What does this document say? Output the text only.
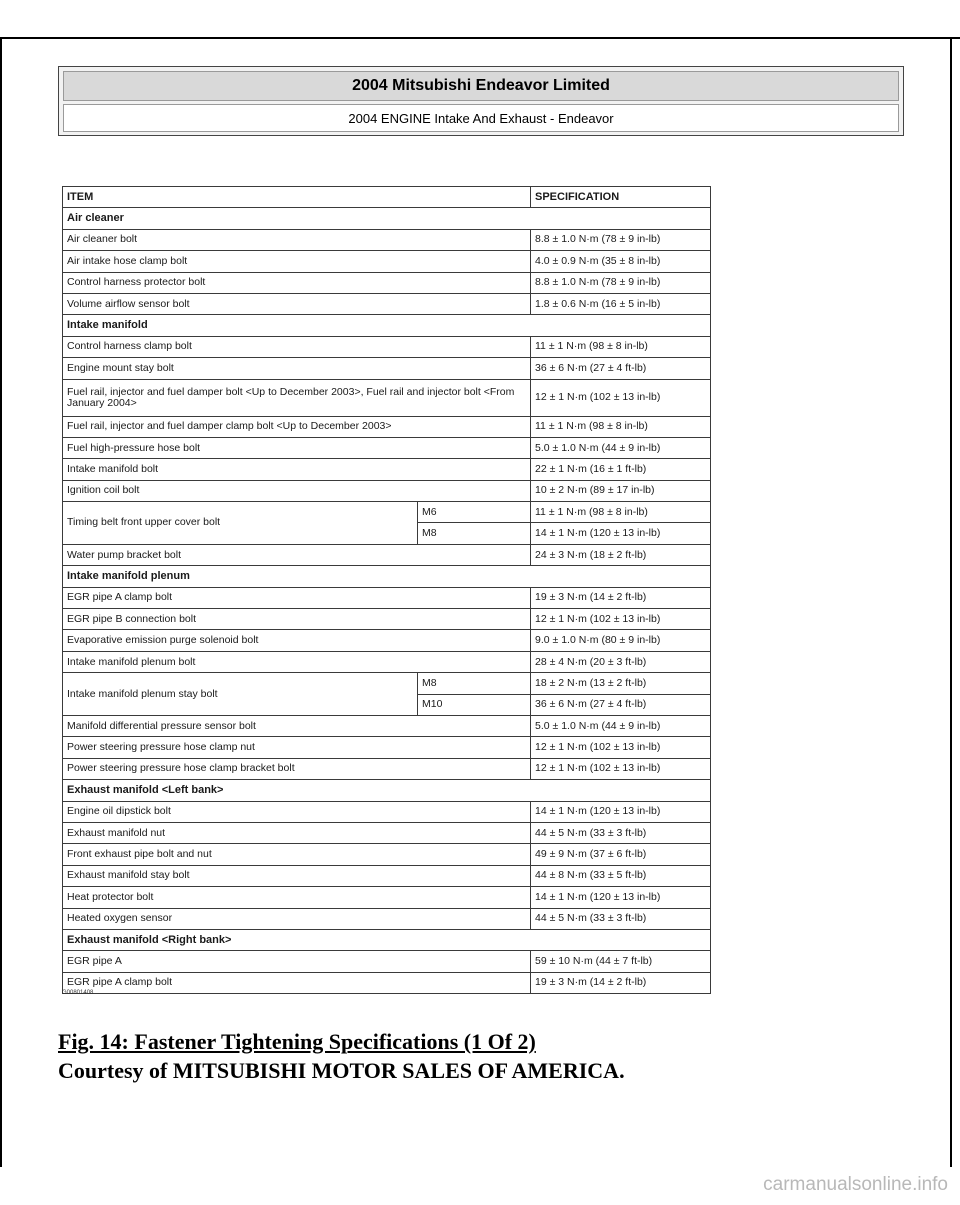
2004 Mitsubishi Endeavor Limited
2004 ENGINE Intake And Exhaust - Endeavor
ITEM		SPECIFICATION
Air cleaner		
Air cleaner bolt		8.8 ± 1.0 N·m (78 ± 9 in-lb)
Air intake hose clamp bolt		4.0 ± 0.9 N·m (35 ± 8 in-lb)
Control harness protector bolt		8.8 ± 1.0 N·m (78 ± 9 in-lb)
Volume airflow sensor bolt		1.8 ± 0.6 N·m (16 ± 5 in-lb)
Intake manifold		
Control harness clamp bolt		11 ± 1 N·m (98 ± 8 in-lb)
Engine mount stay bolt		36 ± 6 N·m (27 ± 4 ft-lb)
Fuel rail, injector and fuel damper bolt <Up to December 2003>, Fuel rail and injector bolt <From January 2004>		12 ± 1 N·m (102 ± 13 in-lb)
Fuel rail, injector and fuel damper clamp bolt <Up to December 2003>		11 ± 1 N·m (98 ± 8 in-lb)
Fuel high-pressure hose bolt		5.0 ± 1.0 N·m (44 ± 9 in-lb)
Intake manifold bolt		22 ± 1 N·m (16 ± 1 ft-lb)
Ignition coil bolt		10 ± 2 N·m (89 ± 17 in-lb)
Timing belt front upper cover bolt	M6	11 ± 1 N·m (98 ± 8 in-lb)
	M8	14 ± 1 N·m (120 ± 13 in-lb)
Water pump bracket bolt		24 ± 3 N·m (18 ± 2 ft-lb)
Intake manifold plenum		
EGR pipe A clamp bolt		19 ± 3 N·m (14 ± 2 ft-lb)
EGR pipe B connection bolt		12 ± 1 N·m (102 ± 13 in-lb)
Evaporative emission purge solenoid bolt		9.0 ± 1.0 N·m (80 ± 9 in-lb)
Intake manifold plenum bolt		28 ± 4 N·m (20 ± 3 ft-lb)
Intake manifold plenum stay bolt	M8	18 ± 2 N·m (13 ± 2 ft-lb)
	M10	36 ± 6 N·m (27 ± 4 ft-lb)
Manifold differential pressure sensor bolt		5.0 ± 1.0 N·m (44 ± 9 in-lb)
Power steering pressure hose clamp nut		12 ± 1 N·m (102 ± 13 in-lb)
Power steering pressure hose clamp bracket bolt		12 ± 1 N·m (102 ± 13 in-lb)
Exhaust manifold <Left bank>		
Engine oil dipstick bolt		14 ± 1 N·m (120 ± 13 in-lb)
Exhaust manifold nut		44 ± 5 N·m (33 ± 3 ft-lb)
Front exhaust pipe bolt and nut		49 ± 9 N·m (37 ± 6 ft-lb)
Exhaust manifold stay bolt		44 ± 8 N·m (33 ± 5 ft-lb)
Heat protector bolt		14 ± 1 N·m (120 ± 13 in-lb)
Heated oxygen sensor		44 ± 5 N·m (33 ± 3 ft-lb)
Exhaust manifold <Right bank>		
EGR pipe A		59 ± 10 N·m (44 ± 7 ft-lb)
EGR pipe A clamp bolt		19 ± 3 N·m (14 ± 2 ft-lb)
G00801408
Fig. 14: Fastener Tightening Specifications (1 Of 2)
Courtesy of MITSUBISHI MOTOR SALES OF AMERICA.
carmanualsonline.info
